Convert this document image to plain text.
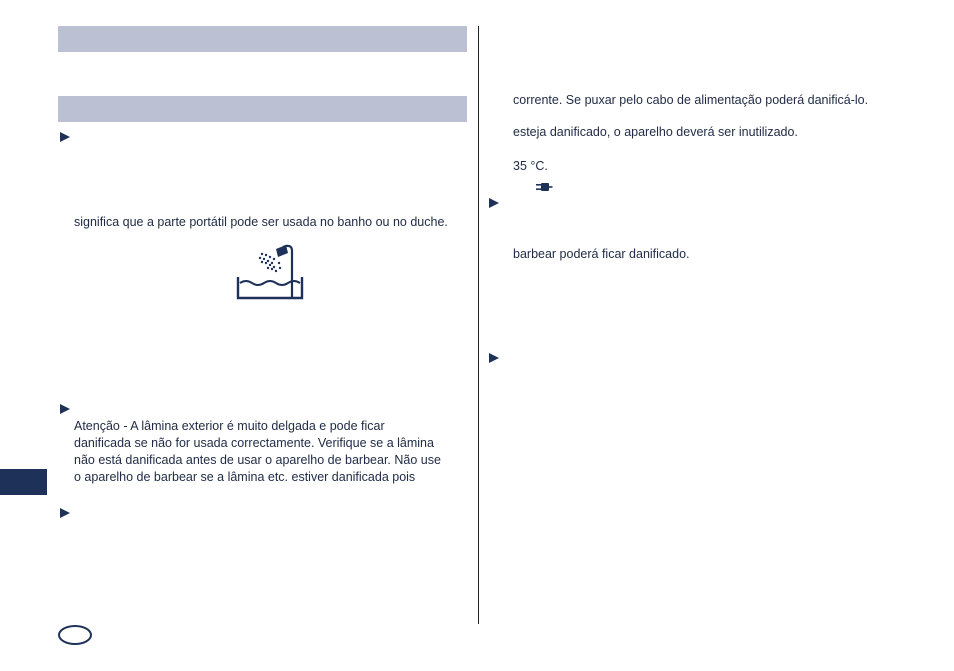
significa que a parte portátil pode ser usada no banho ou no duche.
Atenção - A lâmina exterior é muito delgada e pode ficar
danificada se não for usada correctamente. Verifique se a lâmina
não está danificada antes de usar o aparelho de barbear. Não use
o aparelho de barbear se a lâmina etc. estiver danificada pois
corrente. Se puxar pelo cabo de alimentação poderá danificá-lo.
esteja danificado, o aparelho deverá ser inutilizado.
35 °C.
barbear poderá ficar danificado.
